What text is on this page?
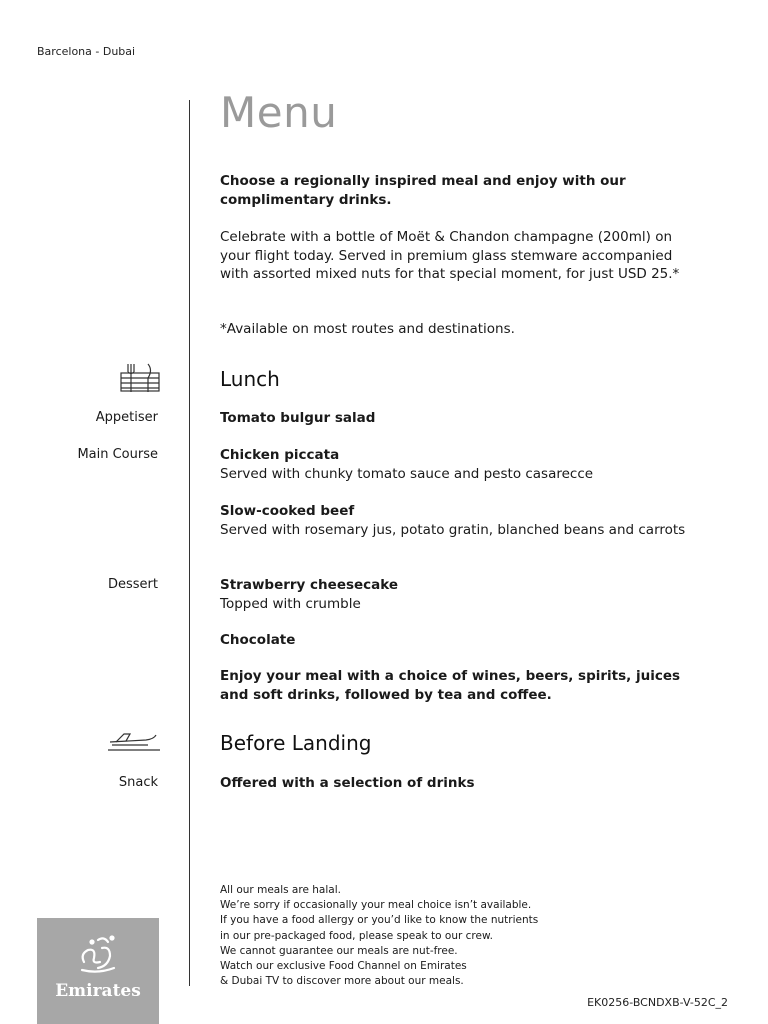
Barcelona - Dubai
Menu
Choose a regionally inspired meal and enjoy with our complimentary drinks.
Celebrate with a bottle of Moët & Chandon champagne (200ml) on your flight today. Served in premium glass stemware accompanied with assorted mixed nuts for that special moment, for just USD 25.*
*Available on most routes and destinations.
Lunch
Appetiser	Tomato bulgur salad
Main Course	Chicken piccata
Served with chunky tomato sauce and pesto casarecce
Slow-cooked beef
Served with rosemary jus, potato gratin, blanched beans and carrots
Dessert	Strawberry cheesecake
Topped with crumble
Chocolate
Enjoy your meal with a choice of wines, beers, spirits, juices and soft drinks, followed by tea and coffee.
Before Landing
Snack	Offered with a selection of drinks
All our meals are halal.
We’re sorry if occasionally your meal choice isn’t available.
If you have a food allergy or you’d like to know the nutrients
in our pre-packaged food, please speak to our crew.
We cannot guarantee our meals are nut-free.
Watch our exclusive Food Channel on Emirates
& Dubai TV to discover more about our meals.
Emirates
EK0256-BCNDXB-V-52C_2
